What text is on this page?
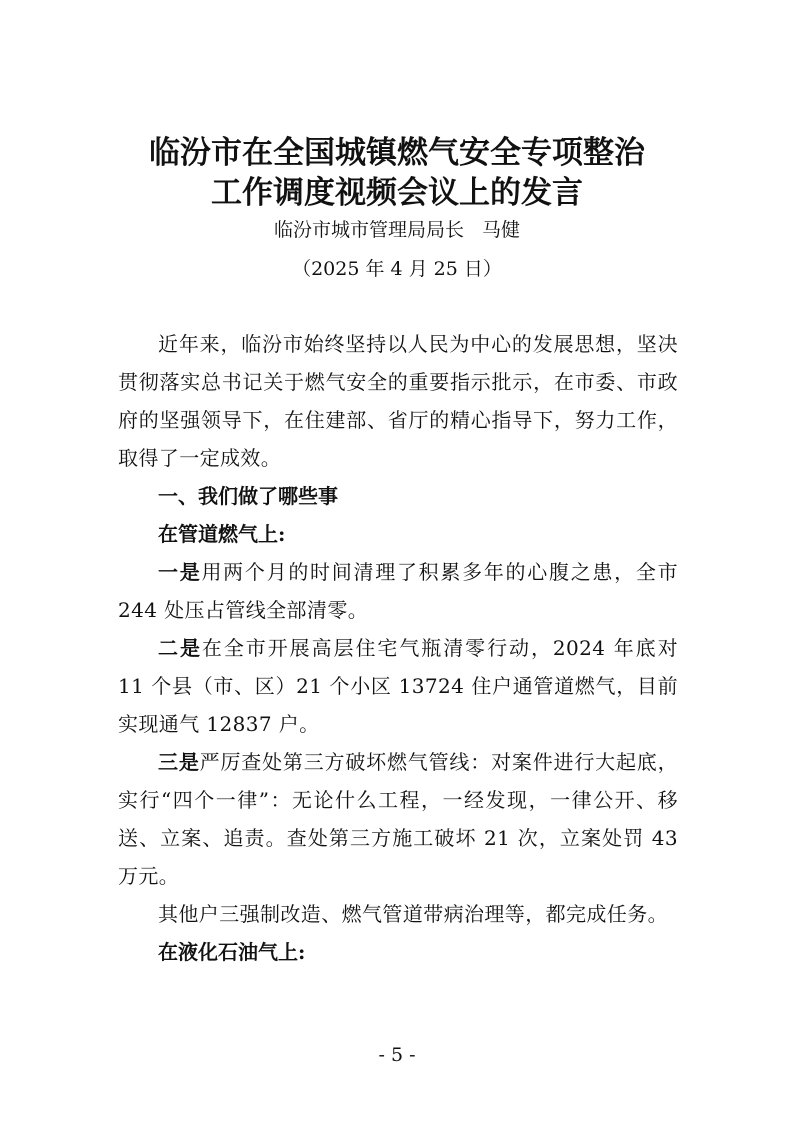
临汾市在全国城镇燃气安全专项整治
工作调度视频会议上的发言

临汾市城市管理局局长 马健

（2025 年 4 月 25 日）

近年来，临汾市始终坚持以人民为中心的发展思想，坚决贯彻落实总书记关于燃气安全的重要指示批示，在市委、市政府的坚强领导下，在住建部、省厅的精心指导下，努力工作，取得了一定成效。

一、我们做了哪些事

在管道燃气上:

一是用两个月的时间清理了积累多年的心腹之患，全市 244 处压占管线全部清零。

二是在全市开展高层住宅气瓶清零行动，2024 年底对 11 个县（市、区）21 个小区 13724 住户通管道燃气，目前实现通气 12837 户。

三是严厉查处第三方破坏燃气管线：对案件进行大起底，实行“四个一律”：无论什么工程，一经发现，一律公开、移送、立案、追责。查处第三方施工破坏 21 次，立案处罚 43 万元。

其他户三强制改造、燃气管道带病治理等，都完成任务。

在液化石油气上:

- 5 -
